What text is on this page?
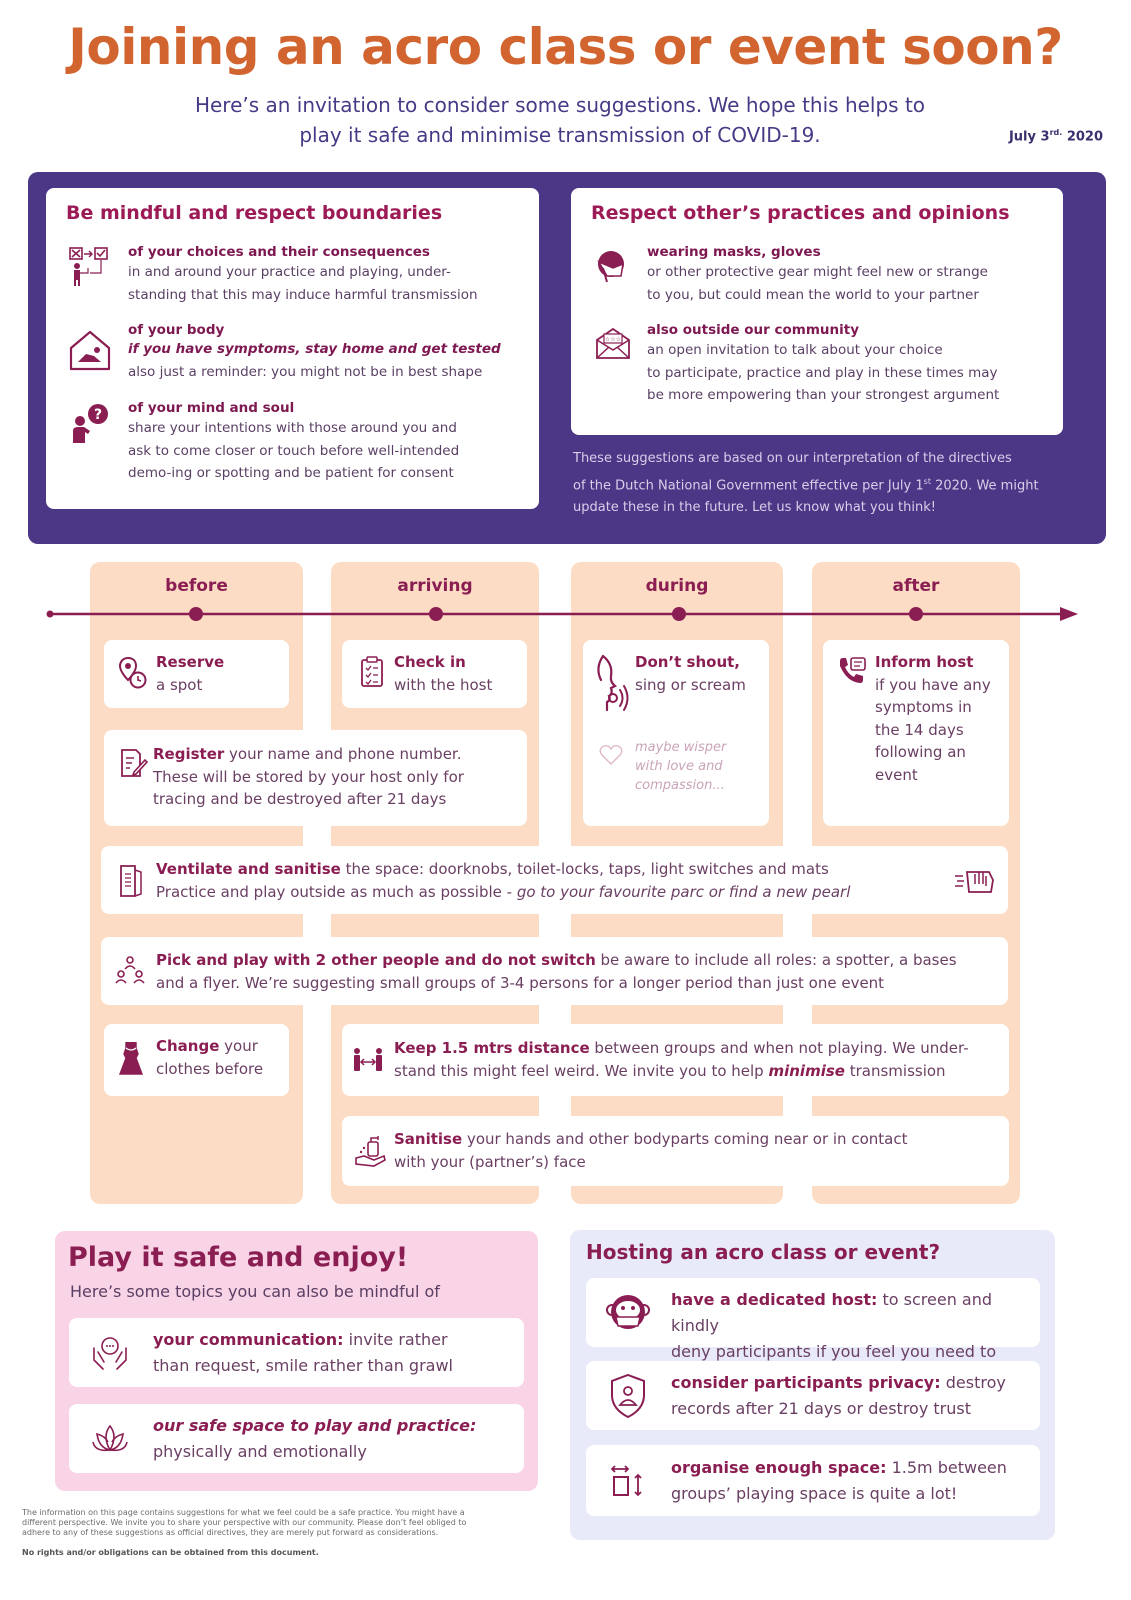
Joining an acro class or event soon?
Here’s an invitation to consider some suggestions. We hope this helps to
play it safe and minimise transmission of COVID-19.	July $3^{rd.}$ 2020
Be mindful and respect boundaries
of your choices and their consequences
in and around your practice and playing, under-
standing that this may induce harmful transmission
of your body
if you have symptoms, stay home and get tested
also just a reminder: you might not be in best shape
? of your mind and soul
share your intentions with those around you and
ask to come closer or touch before well-intended
demo-ing or spotting and be patient for consent
Respect other’s practices and opinions
wearing masks, gloves
or other protective gear might feel new or strange
to you, but could mean the world to your partner
☆☆☆
also outside our community
an open invitation to talk about your choice
to participate, practice and play in these times may
be more empowering than your strongest argument
These suggestions are based on our interpretation of the directives
of the Dutch National Government effective per July 1st 2020. We might
update these in the future. Let us know what you think!
before	arriving	during	after
Reserve
a spot
Check in
with the host
Don’t shout,
sing or scream
maybe wisper
with love and
compassion...
Inform host
if you have any
symptoms in
the 14 days
following an
event
Register your name and phone number.
These will be stored by your host only for
tracing and be destroyed after 21 days
Ventilate and sanitise the space: doorknobs, toilet-locks, taps, light switches and mats
Practice and play outside as much as possible - go to your favourite parc or find a new pearl
Pick and play with 2 other people and do not switch be aware to include all roles: a spotter, a bases
and a flyer. We’re suggesting small groups of 3-4 persons for a longer period than just one event
Change your
clothes before
Keep 1.5 mtrs distance between groups and when not playing. We under-
stand this might feel weird. We invite you to help minimise transmission
Sanitise your hands and other bodyparts coming near or in contact
with your (partner’s) face
Play it safe and enjoy!
Here’s some topics you can also be mindful of
your communication: invite rather
than request, smile rather than grawl
our safe space to play and practice:
physically and emotionally
Hosting an acro class or event?
have a dedicated host: to screen and kindly
deny participants if you feel you need to
consider participants privacy: destroy
records after 21 days or destroy trust
organise enough space: 1.5m between
groups’ playing space is quite a lot!
The information on this page contains suggestions for what we feel could be a safe practice. You might have a
different perspective. We invite you to share your perspective with our community. Please don’t feel obliged to
adhere to any of these suggestions as official directives, they are merely put forward as considerations.
No rights and/or obligations can be obtained from this document.
